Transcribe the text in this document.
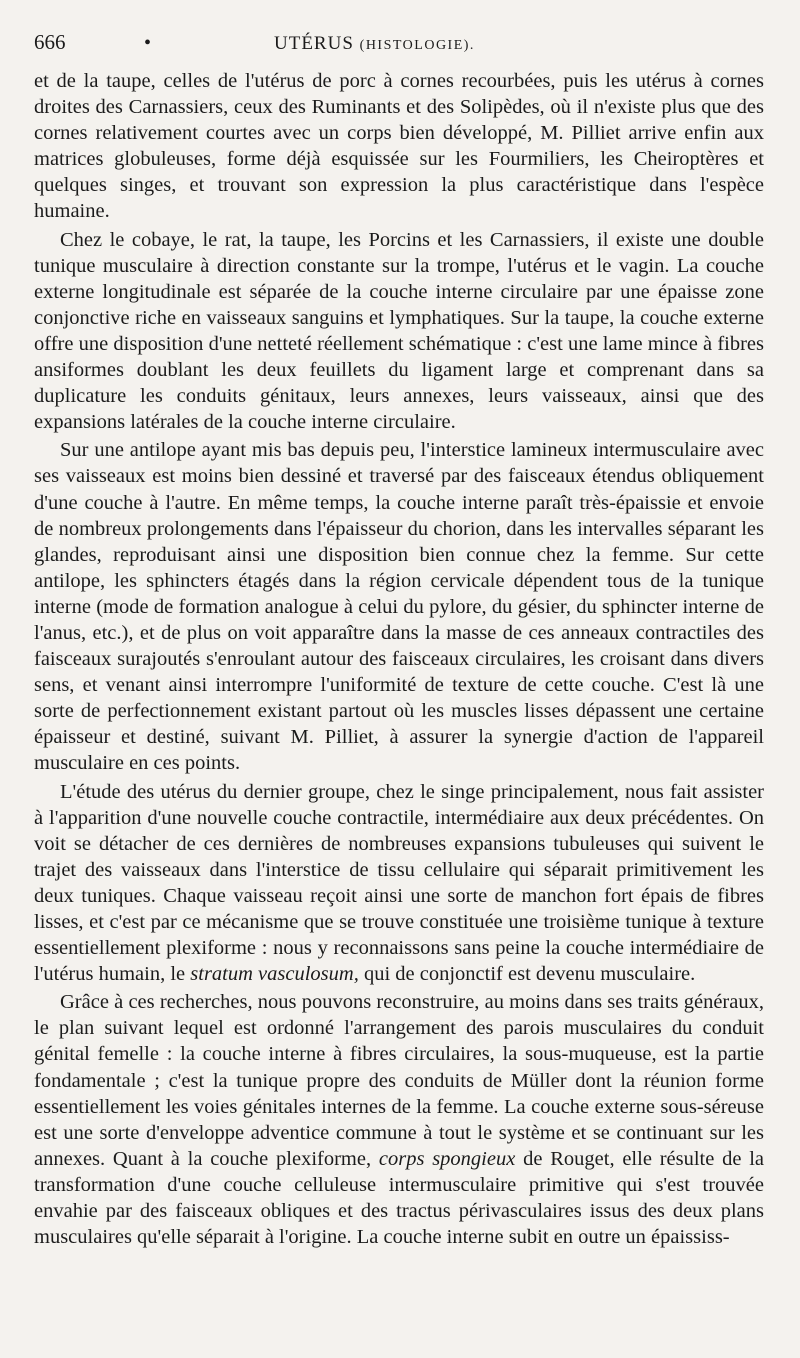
666	•	UTÉRUS (HISTOLOGIE).

et de la taupe, celles de l'utérus de porc à cornes recourbées, puis les utérus à cornes droites des Carnassiers, ceux des Ruminants et des Solipèdes, où il n'existe plus que des cornes relativement courtes avec un corps bien développé, M. Pilliet arrive enfin aux matrices globuleuses, forme déjà esquissée sur les Fourmiliers, les Cheiroptères et quelques singes, et trouvant son expression la plus caractéristique dans l'espèce humaine.

Chez le cobaye, le rat, la taupe, les Porcins et les Carnassiers, il existe une double tunique musculaire à direction constante sur la trompe, l'utérus et le vagin. La couche externe longitudinale est séparée de la couche interne circulaire par une épaisse zone conjonctive riche en vaisseaux sanguins et lymphatiques. Sur la taupe, la couche externe offre une disposition d'une netteté réellement schématique : c'est une lame mince à fibres ansiformes doublant les deux feuillets du ligament large et comprenant dans sa duplicature les conduits génitaux, leurs annexes, leurs vaisseaux, ainsi que des expansions latérales de la couche interne circulaire.

Sur une antilope ayant mis bas depuis peu, l'interstice lamineux intermusculaire avec ses vaisseaux est moins bien dessiné et traversé par des faisceaux étendus obliquement d'une couche à l'autre. En même temps, la couche interne paraît très-épaissie et envoie de nombreux prolongements dans l'épaisseur du chorion, dans les intervalles séparant les glandes, reproduisant ainsi une disposition bien connue chez la femme. Sur cette antilope, les sphincters étagés dans la région cervicale dépendent tous de la tunique interne (mode de formation analogue à celui du pylore, du gésier, du sphincter interne de l'anus, etc.), et de plus on voit apparaître dans la masse de ces anneaux contractiles des faisceaux surajoutés s'enroulant autour des faisceaux circulaires, les croisant dans divers sens, et venant ainsi interrompre l'uniformité de texture de cette couche. C'est là une sorte de perfectionnement existant partout où les muscles lisses dépassent une certaine épaisseur et destiné, suivant M. Pilliet, à assurer la synergie d'action de l'appareil musculaire en ces points.

L'étude des utérus du dernier groupe, chez le singe principalement, nous fait assister à l'apparition d'une nouvelle couche contractile, intermédiaire aux deux précédentes. On voit se détacher de ces dernières de nombreuses expansions tubuleuses qui suivent le trajet des vaisseaux dans l'interstice de tissu cellulaire qui séparait primitivement les deux tuniques. Chaque vaisseau reçoit ainsi une sorte de manchon fort épais de fibres lisses, et c'est par ce mécanisme que se trouve constituée une troisième tunique à texture essentiellement plexiforme : nous y reconnaissons sans peine la couche intermédiaire de l'utérus humain, le stratum vasculosum, qui de conjonctif est devenu musculaire.

Grâce à ces recherches, nous pouvons reconstruire, au moins dans ses traits généraux, le plan suivant lequel est ordonné l'arrangement des parois musculaires du conduit génital femelle : la couche interne à fibres circulaires, la sous-muqueuse, est la partie fondamentale ; c'est la tunique propre des conduits de Müller dont la réunion forme essentiellement les voies génitales internes de la femme. La couche externe sous-séreuse est une sorte d'enveloppe adventice commune à tout le système et se continuant sur les annexes. Quant à la couche plexiforme, corps spongieux de Rouget, elle résulte de la transformation d'une couche celluleuse intermusculaire primitive qui s'est trouvée envahie par des faisceaux obliques et des tractus périvasculaires issus des deux plans musculaires qu'elle séparait à l'origine. La couche interne subit en outre un épaississ-
